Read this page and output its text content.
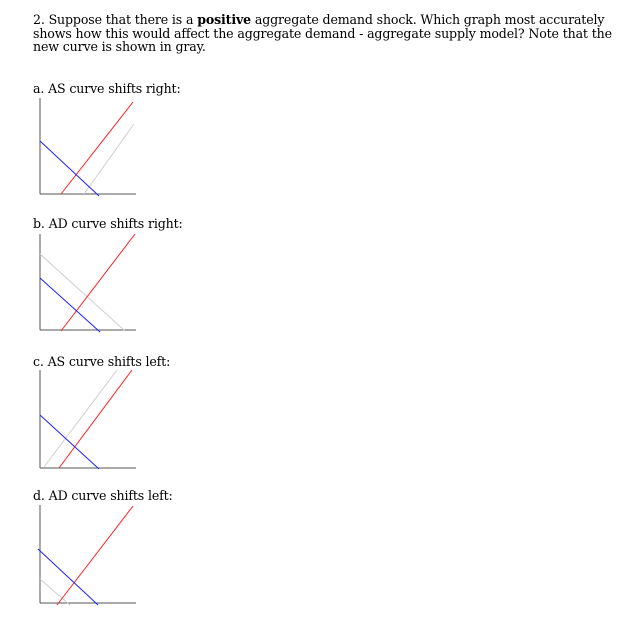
2. Suppose that there is a positive aggregate demand shock. Which graph most accurately shows how this would affect the aggregate demand - aggregate supply model? Note that the new curve is shown in gray.

a. AS curve shifts right:

b. AD curve shifts right:

c. AS curve shifts left:

d. AD curve shifts left:
